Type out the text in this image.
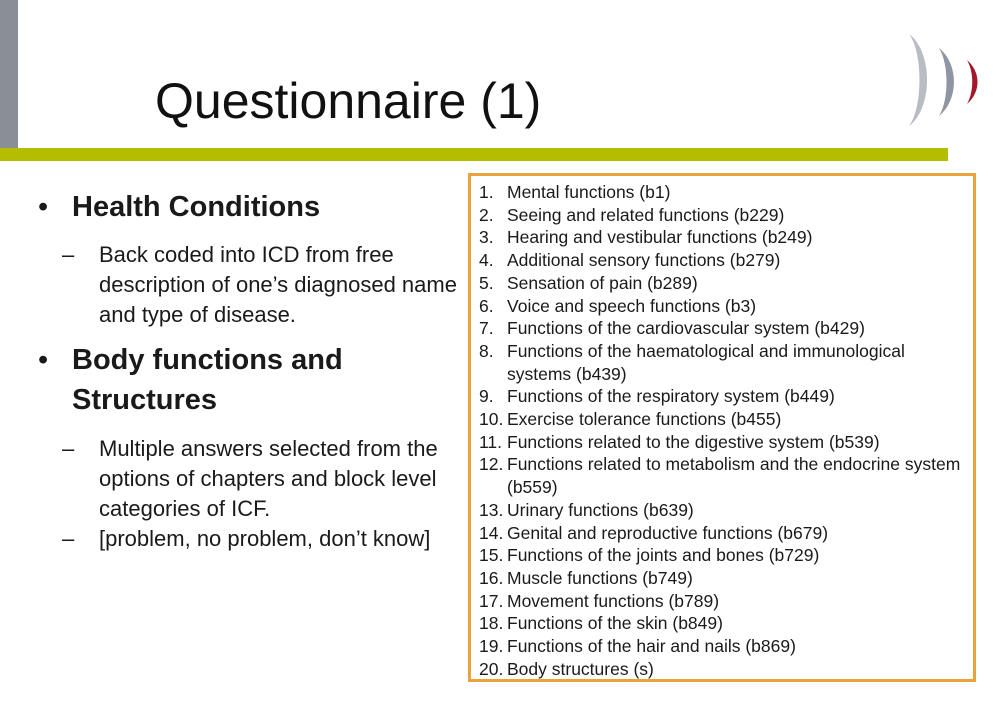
Questionnaire (1)

• Health Conditions

– Back coded into ICD from free description of one’s diagnosed name and type of disease.

• Body functions and Structures

– Multiple answers selected from the options of chapters and block level categories of ICF.

– [problem, no problem, don’t know]

1. Mental functions (b1)
2. Seeing and related functions (b229)
3. Hearing and vestibular functions (b249)
4. Additional sensory functions (b279)
5. Sensation of pain (b289)
6. Voice and speech functions (b3)
7. Functions of the cardiovascular system (b429)
8. Functions of the haematological and immunological systems (b439)
9. Functions of the respiratory system (b449)
10. Exercise tolerance functions (b455)
11. Functions related to the digestive system (b539)
12. Functions related to metabolism and the endocrine system (b559)
13. Urinary functions (b639)
14. Genital and reproductive functions (b679)
15. Functions of the joints and bones (b729)
16. Muscle functions (b749)
17. Movement functions (b789)
18. Functions of the skin (b849)
19. Functions of the hair and nails (b869)
20. Body structures (s)
